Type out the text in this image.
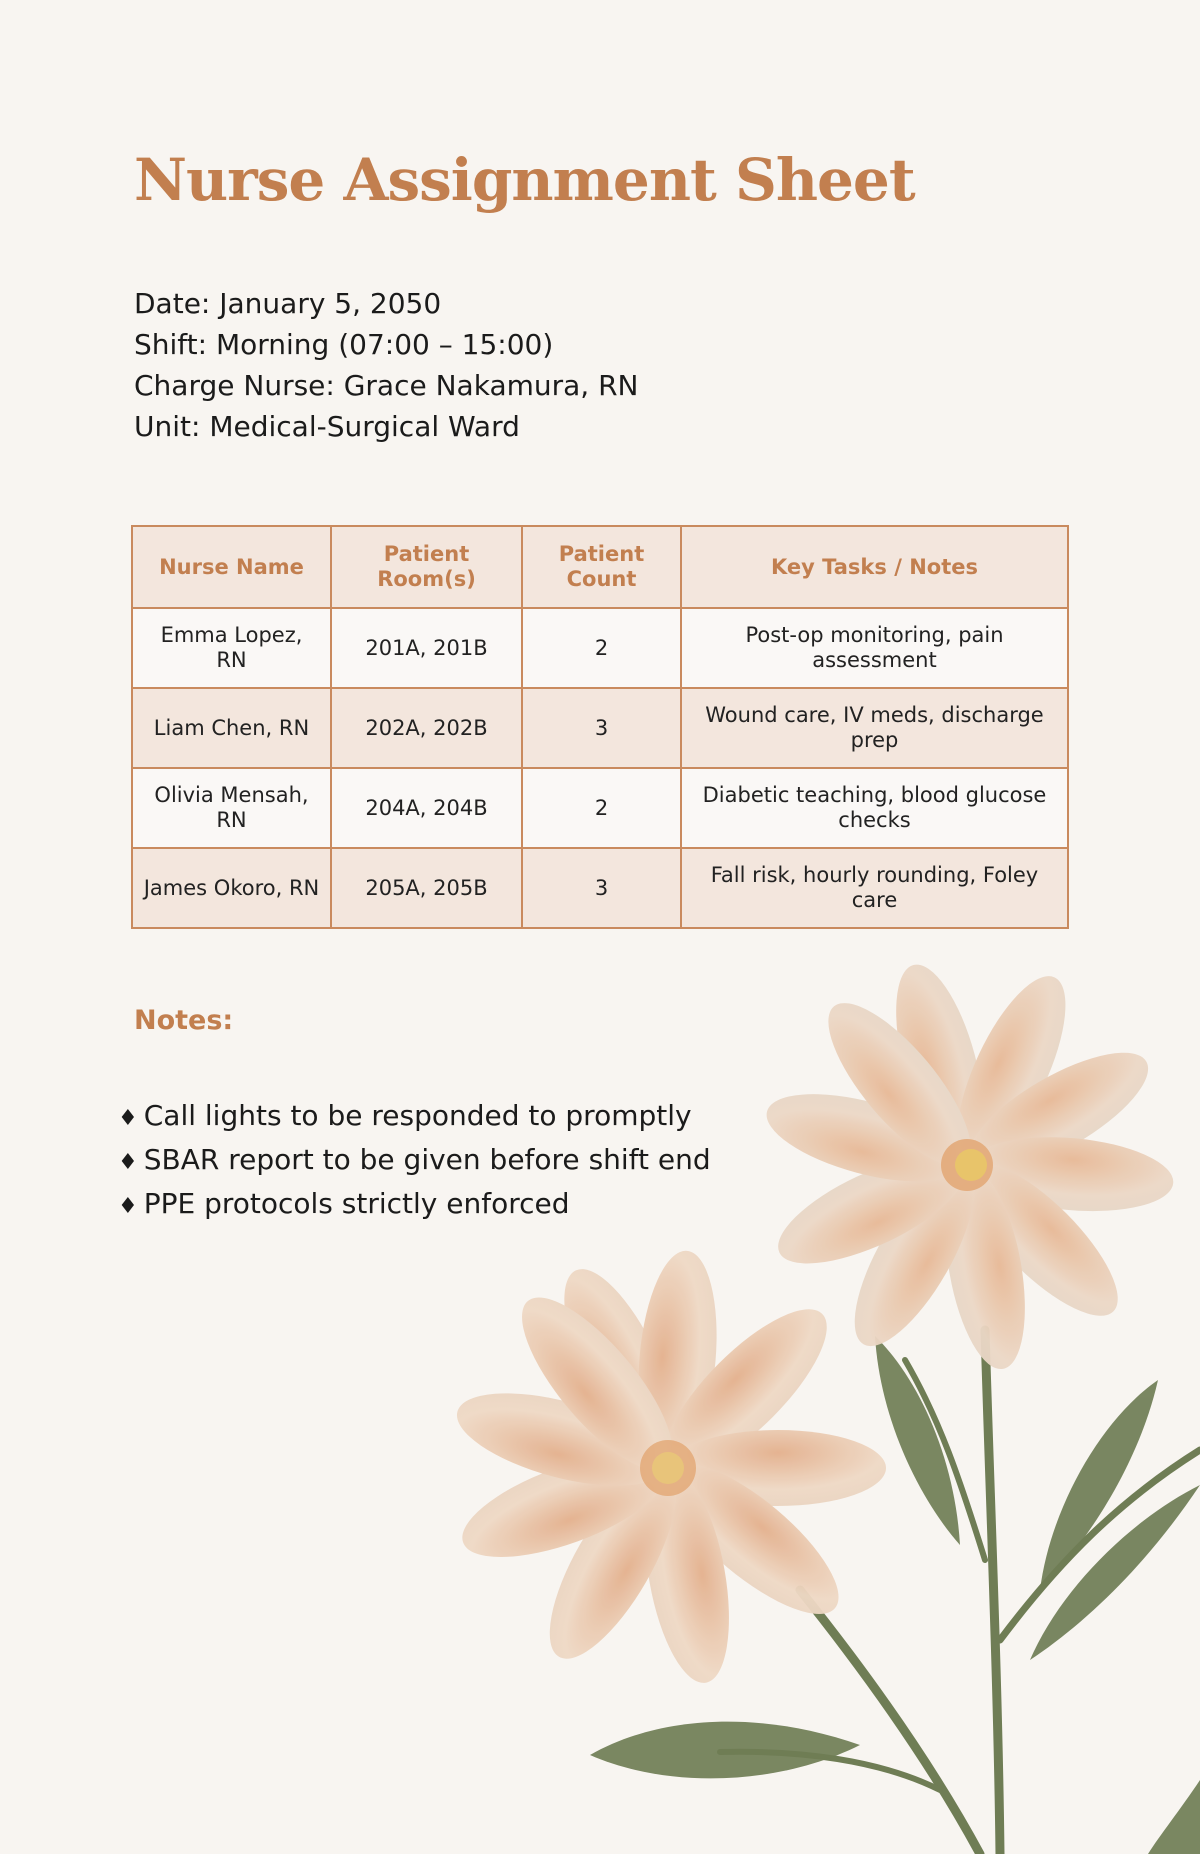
Nurse Assignment Sheet
Date: January 5, 2050
Shift: Morning (07:00 – 15:00)
Charge Nurse: Grace Nakamura, RN
Unit: Medical-Surgical Ward
Nurse Name	Patient Room(s)	Patient Count	Key Tasks / Notes
Emma Lopez, RN	201A, 201B	2	Post-op monitoring, pain assessment
Liam Chen, RN	202A, 202B	3	Wound care, IV meds, discharge prep
Olivia Mensah, RN	204A, 204B	2	Diabetic teaching, blood glucose checks
James Okoro, RN	205A, 205B	3	Fall risk, hourly rounding, Foley care
Notes:
♦ Call lights to be responded to promptly
♦ SBAR report to be given before shift end
♦ PPE protocols strictly enforced
